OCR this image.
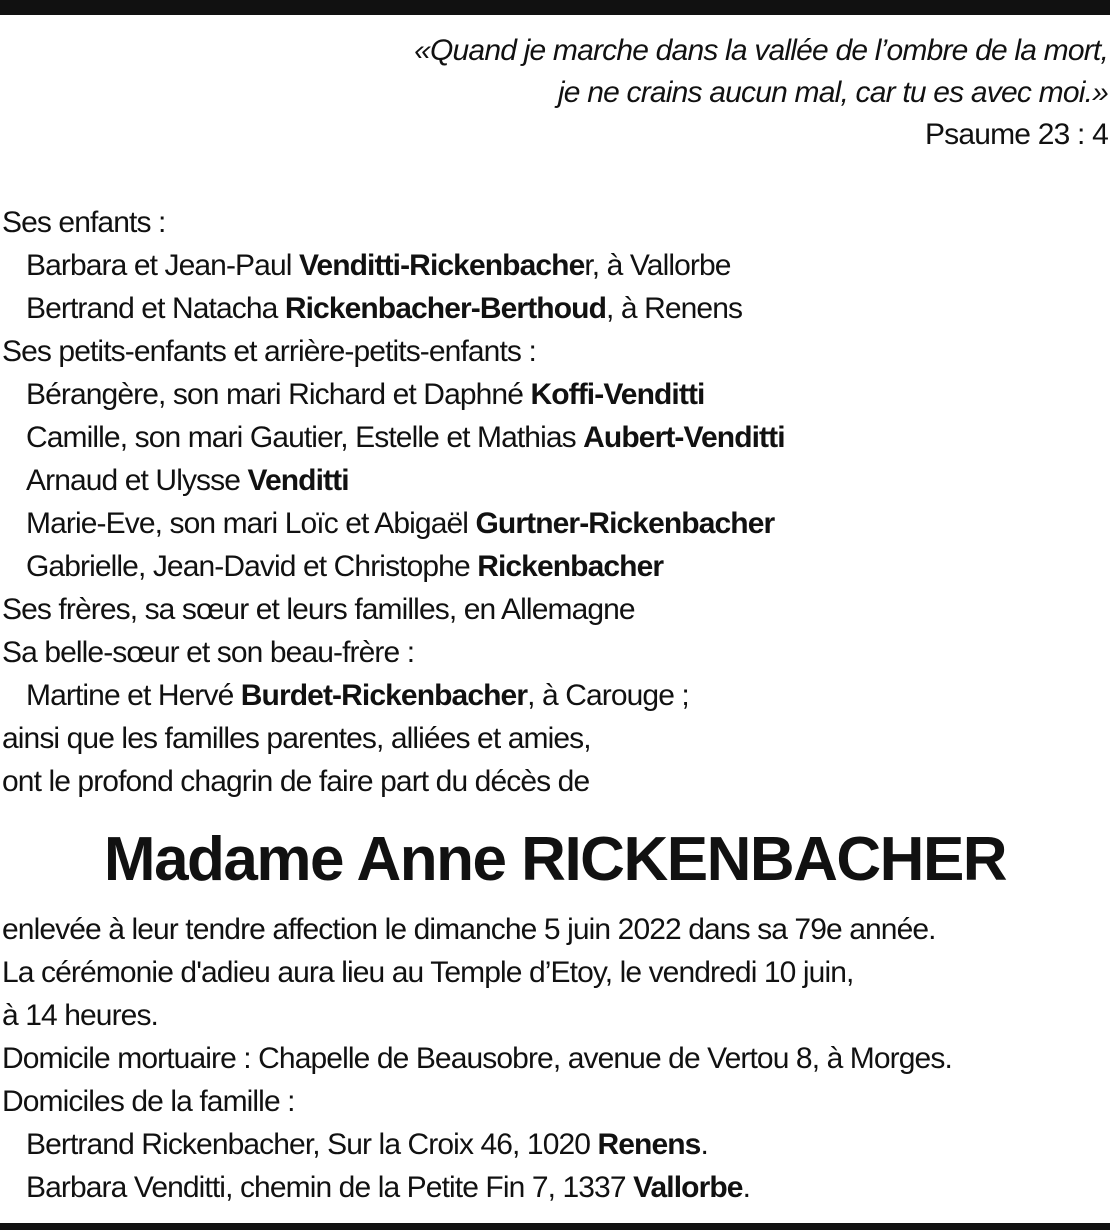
«Quand je marche dans la vallée de l’ombre de la mort,
je ne crains aucun mal, car tu es avec moi.»
Psaume 23 : 4
Ses enfants :
Barbara et Jean-Paul Venditti-Rickenbacher, à Vallorbe
Bertrand et Natacha Rickenbacher-Berthoud, à Renens
Ses petits-enfants et arrière-petits-enfants :
Bérangère, son mari Richard et Daphné Koffi-Venditti
Camille, son mari Gautier, Estelle et Mathias Aubert-Venditti
Arnaud et Ulysse Venditti
Marie-Eve, son mari Loïc et Abigaël Gurtner-Rickenbacher
Gabrielle, Jean-David et Christophe Rickenbacher
Ses frères, sa sœur et leurs familles, en Allemagne
Sa belle-sœur et son beau-frère :
Martine et Hervé Burdet-Rickenbacher, à Carouge ;
ainsi que les familles parentes, alliées et amies,
ont le profond chagrin de faire part du décès de
Madame Anne RICKENBACHER
enlevée à leur tendre affection le dimanche 5 juin 2022 dans sa 79e année.
La cérémonie d'adieu aura lieu au Temple d’Etoy, le vendredi 10 juin,
à 14 heures.
Domicile mortuaire : Chapelle de Beausobre, avenue de Vertou 8, à Morges.
Domiciles de la famille :
Bertrand Rickenbacher, Sur la Croix 46, 1020 Renens.
Barbara Venditti, chemin de la Petite Fin 7, 1337 Vallorbe.
